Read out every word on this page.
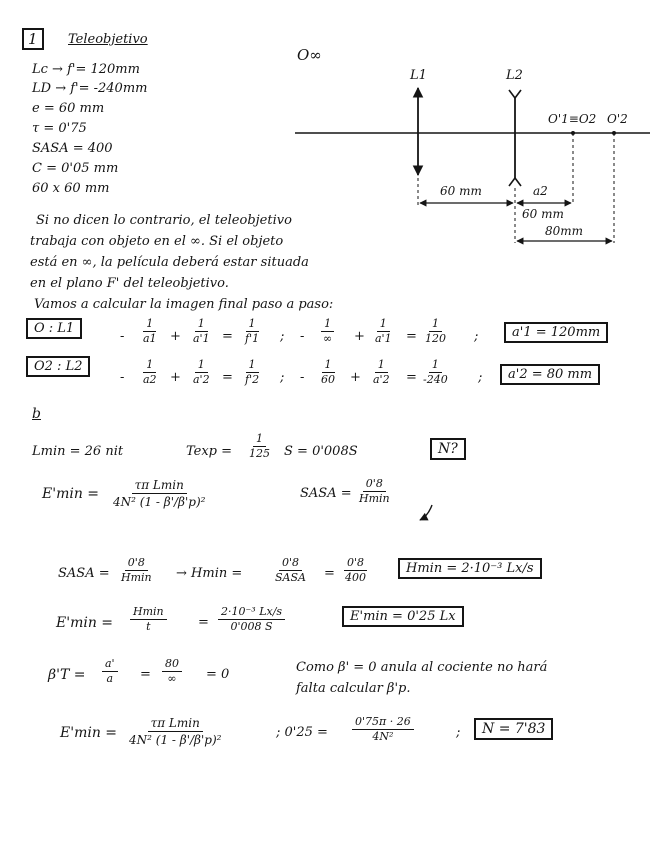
1	Teleobjetivo
Lc → f'= 120mm
LD → f'= -240mm
e = 60 mm
τ = 0'75
SASA = 400
C = 0'05 mm
60 x 60 mm
O∞
L1	L2
O'1≡O2 O'2
60 mm	a2
60 mm
80mm
Si no dicen lo contrario, el teleobjetivo
trabaja con objeto en el ∞. Si el objeto
está en ∞, la película deberá estar situada
en el plano F' del teleobjetivo.
Vamos a calcular la imagen final paso a paso:
O : L1
- $\frac{1}{a1} + \frac{1}{a'1} = \frac{1}{f'1}$ ; -
1
∞ + $\frac{1}{a'1} = \frac{1}{120}$ ;	a'1 = 120mm
O2 : L2
- $\frac{1}{a2} + \frac{1}{a'2} = \frac{1}{f'2}$ ; - $\frac{1}{60} + \frac{1}{a'2} = \frac{1}{-240}$ ;	a'2 = 80 mm
b
Lmin = 26 nit	$Texp = \frac{1}{125}$ S = 0'008S	N?
E'min =
τπ Lmin
4N² (1 - β'/β'p)²
SASA =
0'8
Hmin
SASA =
0'8
Hmin → Hmin =
0'8
SASA = $\frac{0'8}{400}$	Hmin = 2·10⁻³ Lx/s
E'min =
Hmin
t	= $\frac{\text{2·10⁻³ Lx/s}}{0'008 S}$	E'min = 0'25 Lx
$\beta'T = \frac{a'}{a}$ =
80
∞ = 0	Como β' = 0 anula al cociente no hará
falta calcular β'p.
E'min =
τπ Lmin
4N² (1 - β'/β'p)²	; $0'25 = \frac{0'75\pi \cdot 26}{\text{4N²}}$	;	N = 7'83
